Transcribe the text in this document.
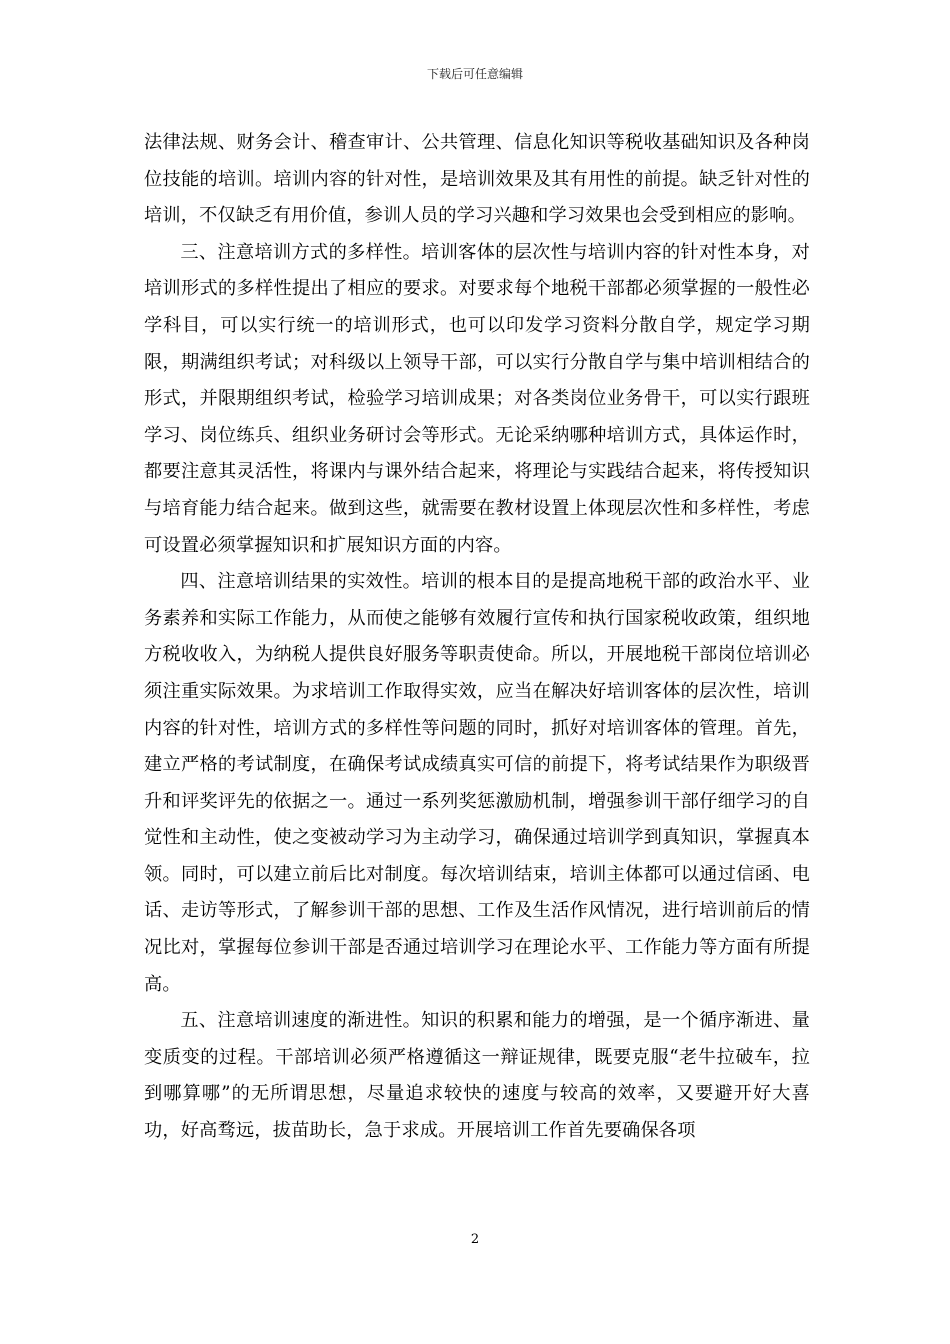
下载后可任意编辑

法律法规、财务会计、稽查审计、公共管理、信息化知识等税收基础知识及各种岗位技能的培训。培训内容的针对性，是培训效果及其有用性的前提。缺乏针对性的培训，不仅缺乏有用价值，参训人员的学习兴趣和学习效果也会受到相应的影响。

三、注意培训方式的多样性。培训客体的层次性与培训内容的针对性本身，对培训形式的多样性提出了相应的要求。对要求每个地税干部都必须掌握的一般性必学科目，可以实行统一的培训形式，也可以印发学习资料分散自学，规定学习期限，期满组织考试；对科级以上领导干部，可以实行分散自学与集中培训相结合的形式，并限期组织考试，检验学习培训成果；对各类岗位业务骨干，可以实行跟班学习、岗位练兵、组织业务研讨会等形式。无论采纳哪种培训方式，具体运作时，都要注意其灵活性，将课内与课外结合起来，将理论与实践结合起来，将传授知识与培育能力结合起来。做到这些，就需要在教材设置上体现层次性和多样性，考虑可设置必须掌握知识和扩展知识方面的内容。

四、注意培训结果的实效性。培训的根本目的是提高地税干部的政治水平、业务素养和实际工作能力，从而使之能够有效履行宣传和执行国家税收政策，组织地方税收收入，为纳税人提供良好服务等职责使命。所以，开展地税干部岗位培训必须注重实际效果。为求培训工作取得实效，应当在解决好培训客体的层次性，培训内容的针对性，培训方式的多样性等问题的同时，抓好对培训客体的管理。首先，建立严格的考试制度，在确保考试成绩真实可信的前提下，将考试结果作为职级晋升和评奖评先的依据之一。通过一系列奖惩激励机制，增强参训干部仔细学习的自觉性和主动性，使之变被动学习为主动学习，确保通过培训学到真知识，掌握真本领。同时，可以建立前后比对制度。每次培训结束，培训主体都可以通过信函、电话、走访等形式，了解参训干部的思想、工作及生活作风情况，进行培训前后的情况比对，掌握每位参训干部是否通过培训学习在理论水平、工作能力等方面有所提高。

五、注意培训速度的渐进性。知识的积累和能力的增强，是一个循序渐进、量变质变的过程。干部培训必须严格遵循这一辩证规律，既要克服“老牛拉破车，拉到哪算哪”的无所谓思想，尽量追求较快的速度与较高的效率，又要避开好大喜功，好高骛远，拔苗助长，急于求成。开展培训工作首先要确保各项

2
